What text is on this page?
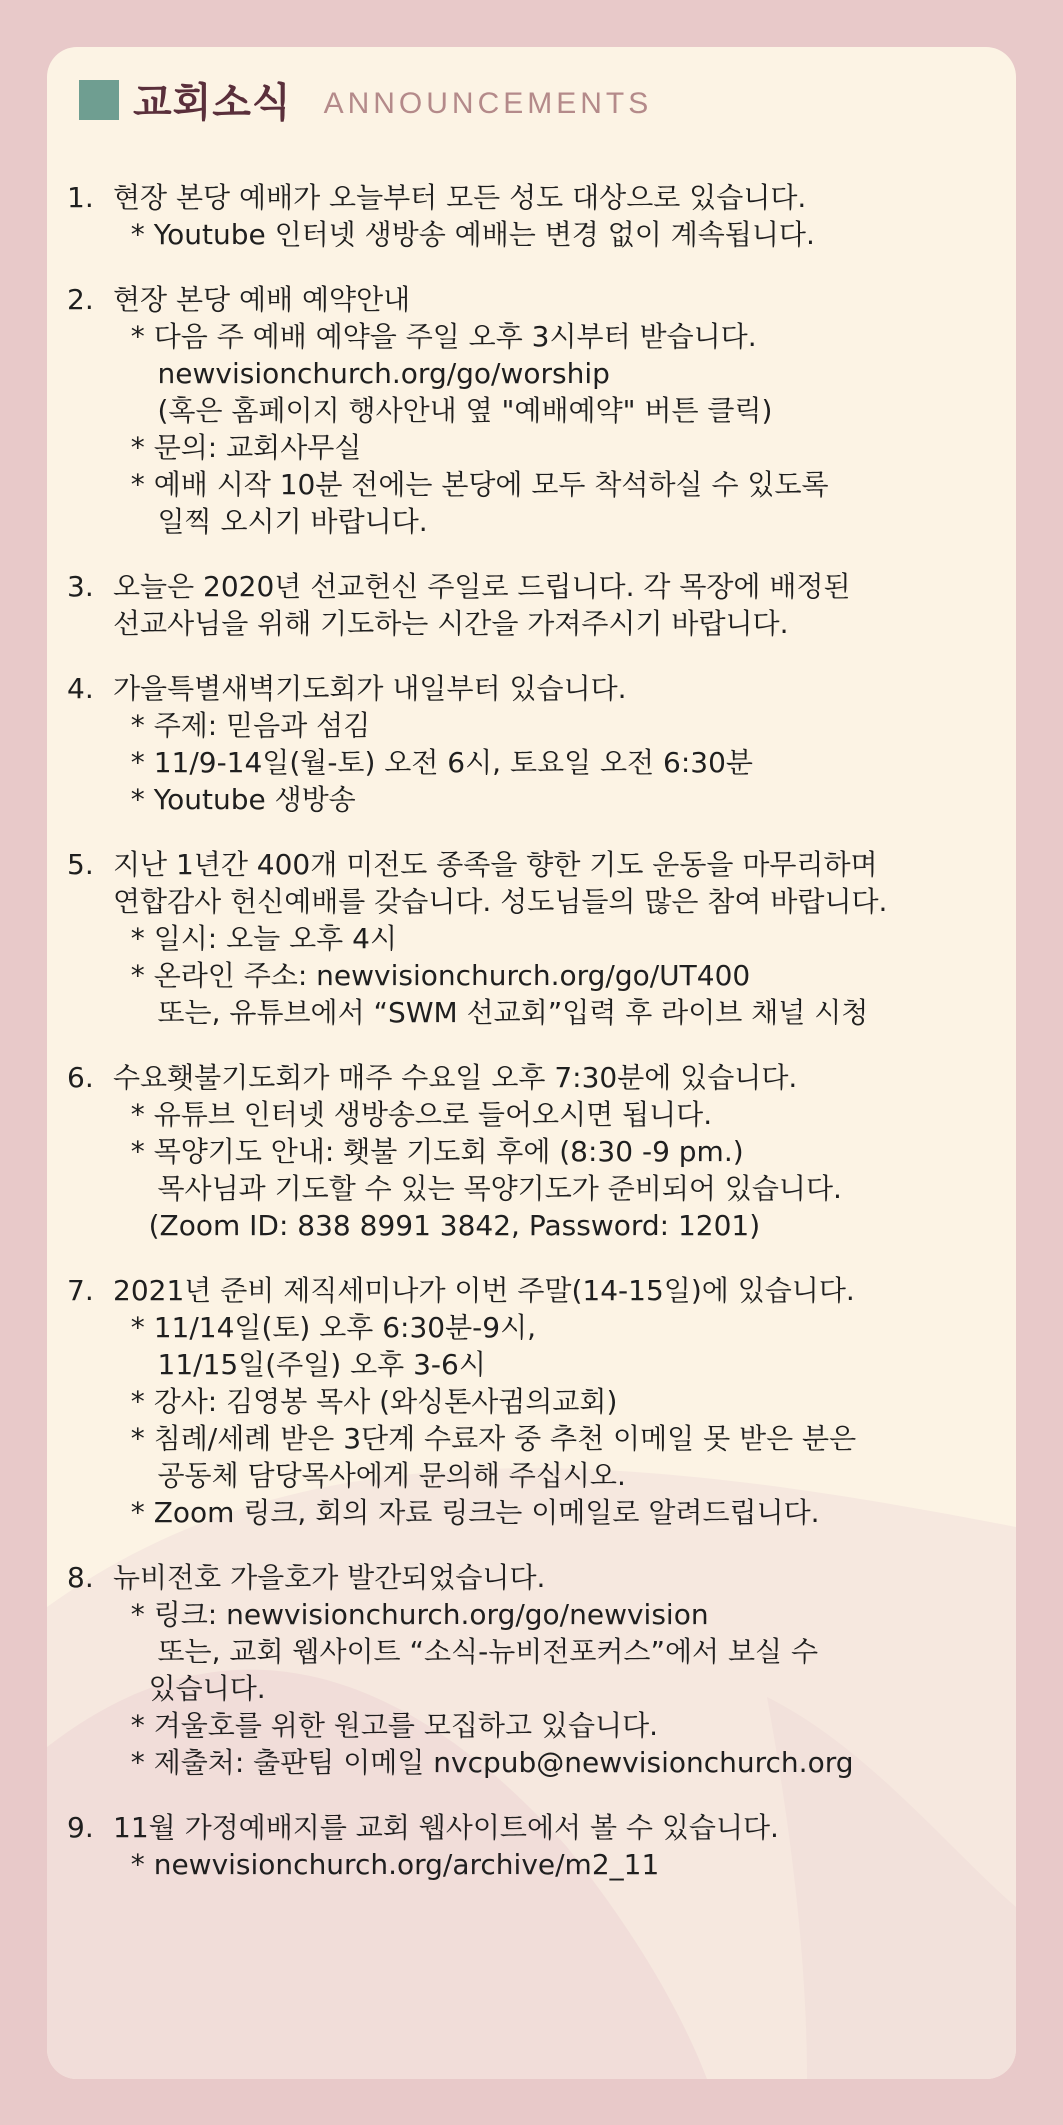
교회소식 ANNOUNCEMENTS
1. 현장 본당 예배가 오늘부터 모든 성도 대상으로 있습니다.
* Youtube 인터넷 생방송 예배는 변경 없이 계속됩니다.
2. 현장 본당 예배 예약안내
* 다음 주 예배 예약을 주일 오후 3시부터 받습니다.
newvisionchurch.org/go/worship
(혹은 홈페이지 행사안내 옆 "예배예약" 버튼 클릭)
* 문의: 교회사무실
* 예배 시작 10분 전에는 본당에 모두 착석하실 수 있도록
일찍 오시기 바랍니다.
3. 오늘은 2020년 선교헌신 주일로 드립니다. 각 목장에 배정된
선교사님을 위해 기도하는 시간을 가져주시기 바랍니다.
4. 가을특별새벽기도회가 내일부터 있습니다.
* 주제: 믿음과 섬김
* 11/9-14일(월-토) 오전 6시, 토요일 오전 6:30분
* Youtube 생방송
5. 지난 1년간 400개 미전도 종족을 향한 기도 운동을 마무리하며
연합감사 헌신예배를 갖습니다. 성도님들의 많은 참여 바랍니다.
* 일시: 오늘 오후 4시
* 온라인 주소: newvisionchurch.org/go/UT400
또는, 유튜브에서 “SWM 선교회”입력 후 라이브 채널 시청
6. 수요횃불기도회가 매주 수요일 오후 7:30분에 있습니다.
* 유튜브 인터넷 생방송으로 들어오시면 됩니다.
* 목양기도 안내: 횃불 기도회 후에 (8:30 -9 pm.)
목사님과 기도할 수 있는 목양기도가 준비되어 있습니다.
(Zoom ID: 838 8991 3842, Password: 1201)
7. 2021년 준비 제직세미나가 이번 주말(14-15일)에 있습니다.
* 11/14일(토) 오후 6:30분-9시,
11/15일(주일) 오후 3-6시
* 강사: 김영봉 목사 (와싱톤사귐의교회)
* 침례/세례 받은 3단계 수료자 중 추천 이메일 못 받은 분은
공동체 담당목사에게 문의해 주십시오.
* Zoom 링크, 회의 자료 링크는 이메일로 알려드립니다.
8. 뉴비전호 가을호가 발간되었습니다.
* 링크: newvisionchurch.org/go/newvision
또는, 교회 웹사이트 “소식-뉴비전포커스”에서 보실 수
있습니다.
* 겨울호를 위한 원고를 모집하고 있습니다.
* 제출처: 출판팀 이메일 nvcpub@newvisionchurch.org
9. 11월 가정예배지를 교회 웹사이트에서 볼 수 있습니다.
* newvisionchurch.org/archive/m2_11
